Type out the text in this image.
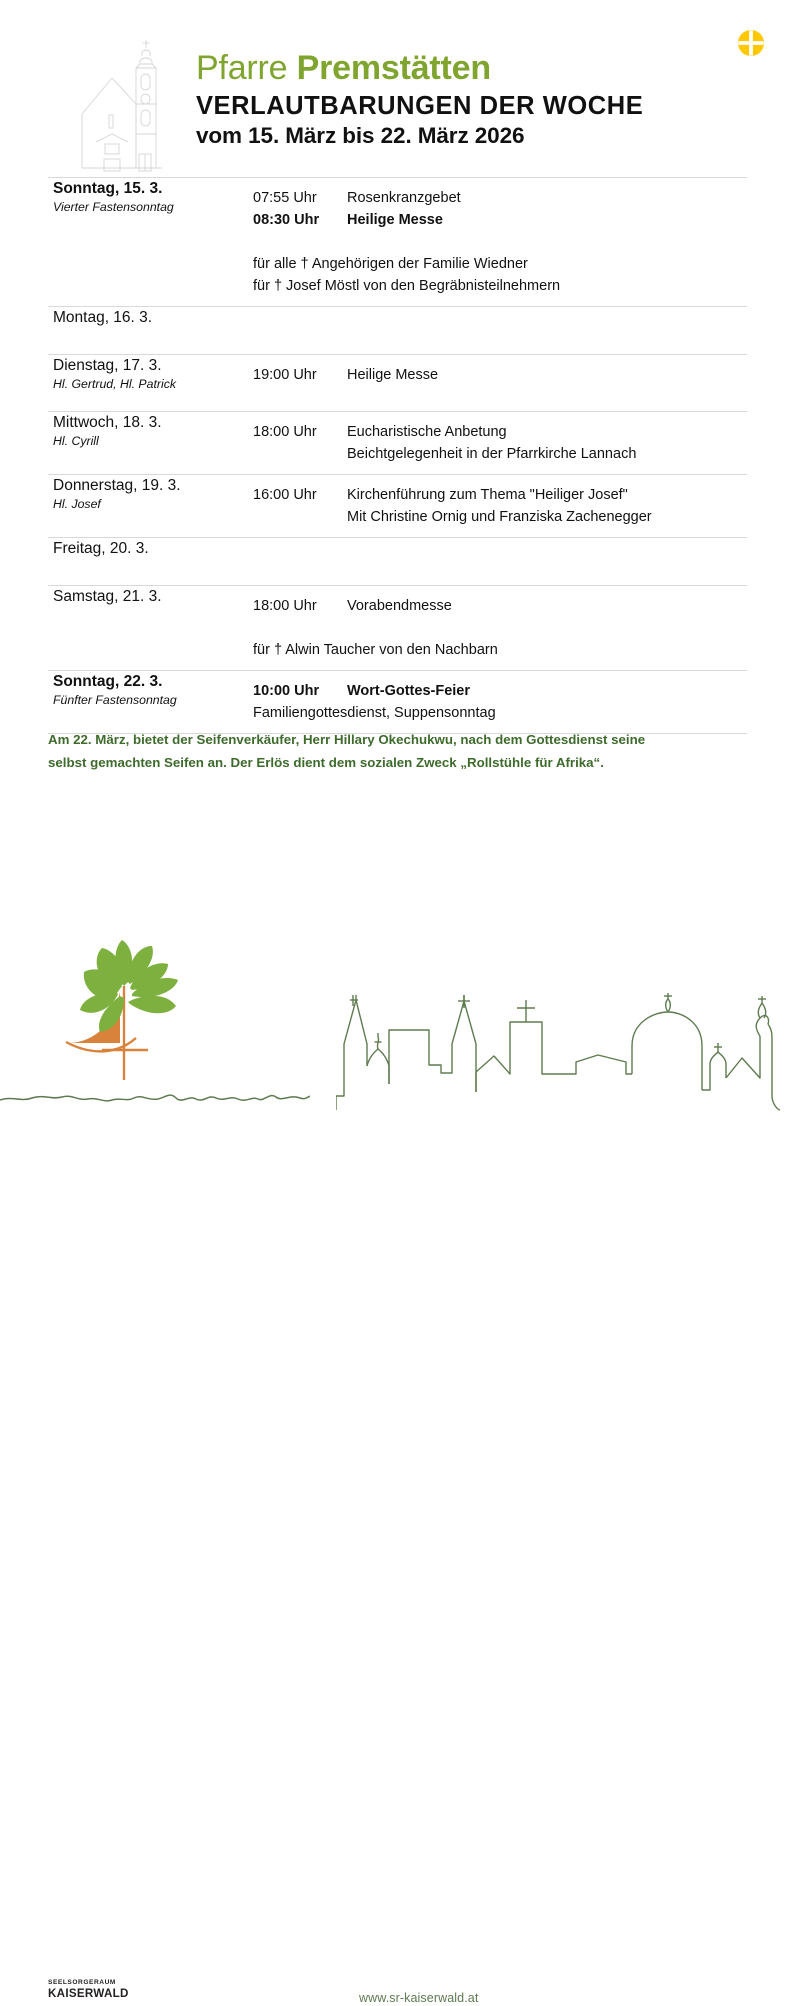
Pfarre Premstätten
VERLAUTBARUNGEN DER WOCHE
vom 15. März bis 22. März 2026
Sonntag, 15. 3.
Vierter Fastensonntag
07:55 Uhr	Rosenkranzgebet
08:30 Uhr	Heilige Messe
für alle † Angehörigen der Familie Wiedner
für † Josef Möstl von den Begräbnisteilnehmern
Montag, 16. 3.
Dienstag, 17. 3.
Hl. Gertrud, Hl. Patrick
19:00 Uhr	Heilige Messe
Mittwoch, 18. 3.
Hl. Cyrill
18:00 Uhr	Eucharistische Anbetung
Beichtgelegenheit in der Pfarrkirche Lannach
Donnerstag, 19. 3.
Hl. Josef
16:00 Uhr	Kirchenführung zum Thema "Heiliger Josef"
Mit Christine Ornig und Franziska Zachenegger
Freitag, 20. 3.
Samstag, 21. 3.
18:00 Uhr	Vorabendmesse
für † Alwin Taucher von den Nachbarn
Sonntag, 22. 3.
Fünfter Fastensonntag
10:00 Uhr	Wort-Gottes-Feier
Familiengottesdienst, Suppensonntag
Am 22. März, bietet der Seifenverkäufer, Herr Hillary Okechukwu, nach dem Gottesdienst seine
selbst gemachten Seifen an. Der Erlös dient dem sozialen Zweck „Rollstühle für Afrika“.
SEELSORGERAUM
KAISERWALD	www.sr-kaiserwald.at
